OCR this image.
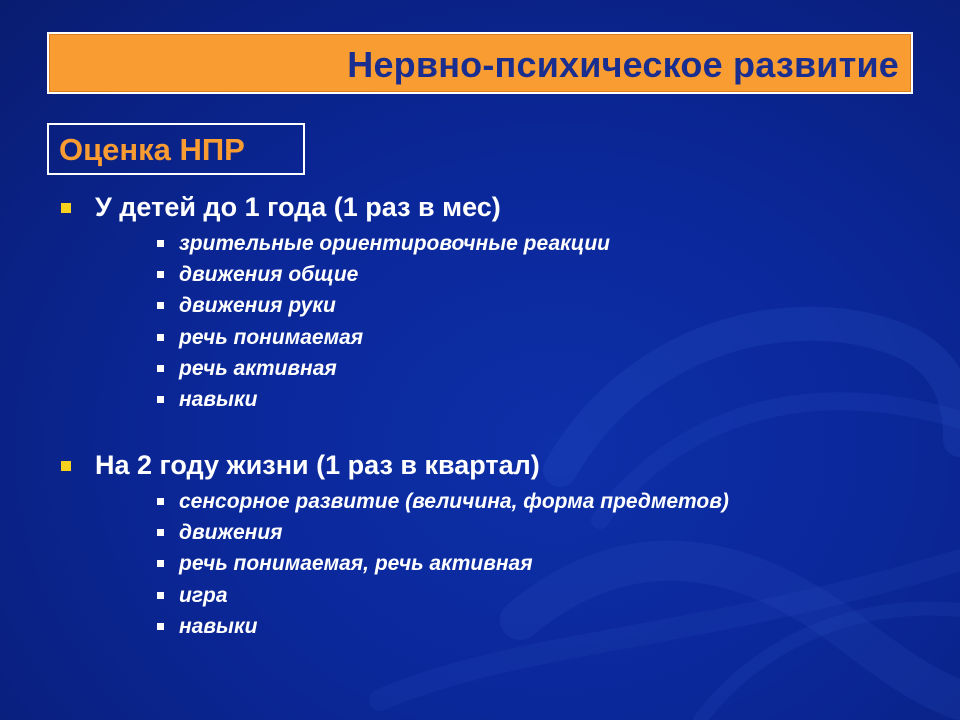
Нервно-психическое развитие
Оценка НПР
У детей до 1 года (1 раз в мес)
зрительные ориентировочные реакции
движения общие
движения руки
речь понимаемая
речь активная
навыки
На 2 году жизни (1 раз в квартал)
сенсорное развитие (величина, форма предметов)
движения
речь понимаемая, речь активная
игра
навыки
